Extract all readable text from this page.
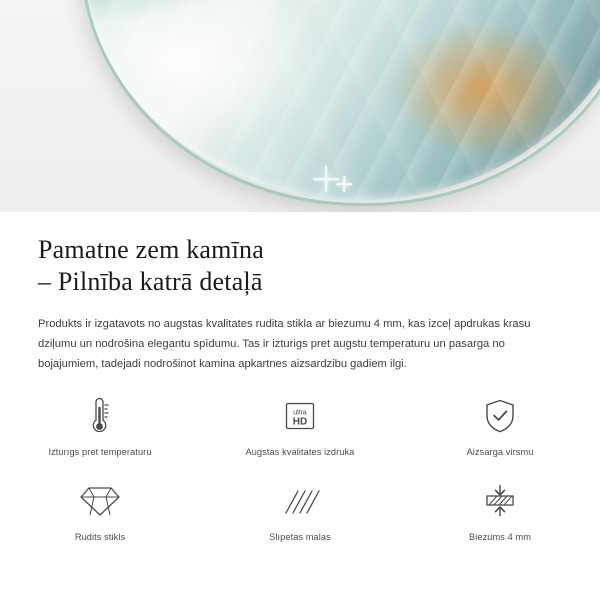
Pamatne zem kamīna
– Pilnība katrā detaļā

Produkts ir izgatavots no augstas kvalitates rudita stikla ar biezumu 4 mm, kas izceļ apdrukas krasu dziļumu un nodrošina elegantu spīdumu. Tas ir izturigs pret augstu temperaturu un pasarga no bojajumiem, tadejadi nodrošinot kamina apkartnes aizsardzibu gadiem ilgi.

Izturıgs pret temperaturu
ultra
HD
Augstas kvalitates izdruka	Aizsarga virsmu
Rudits stikls	Slıpetas malas	Biezums 4 mm
